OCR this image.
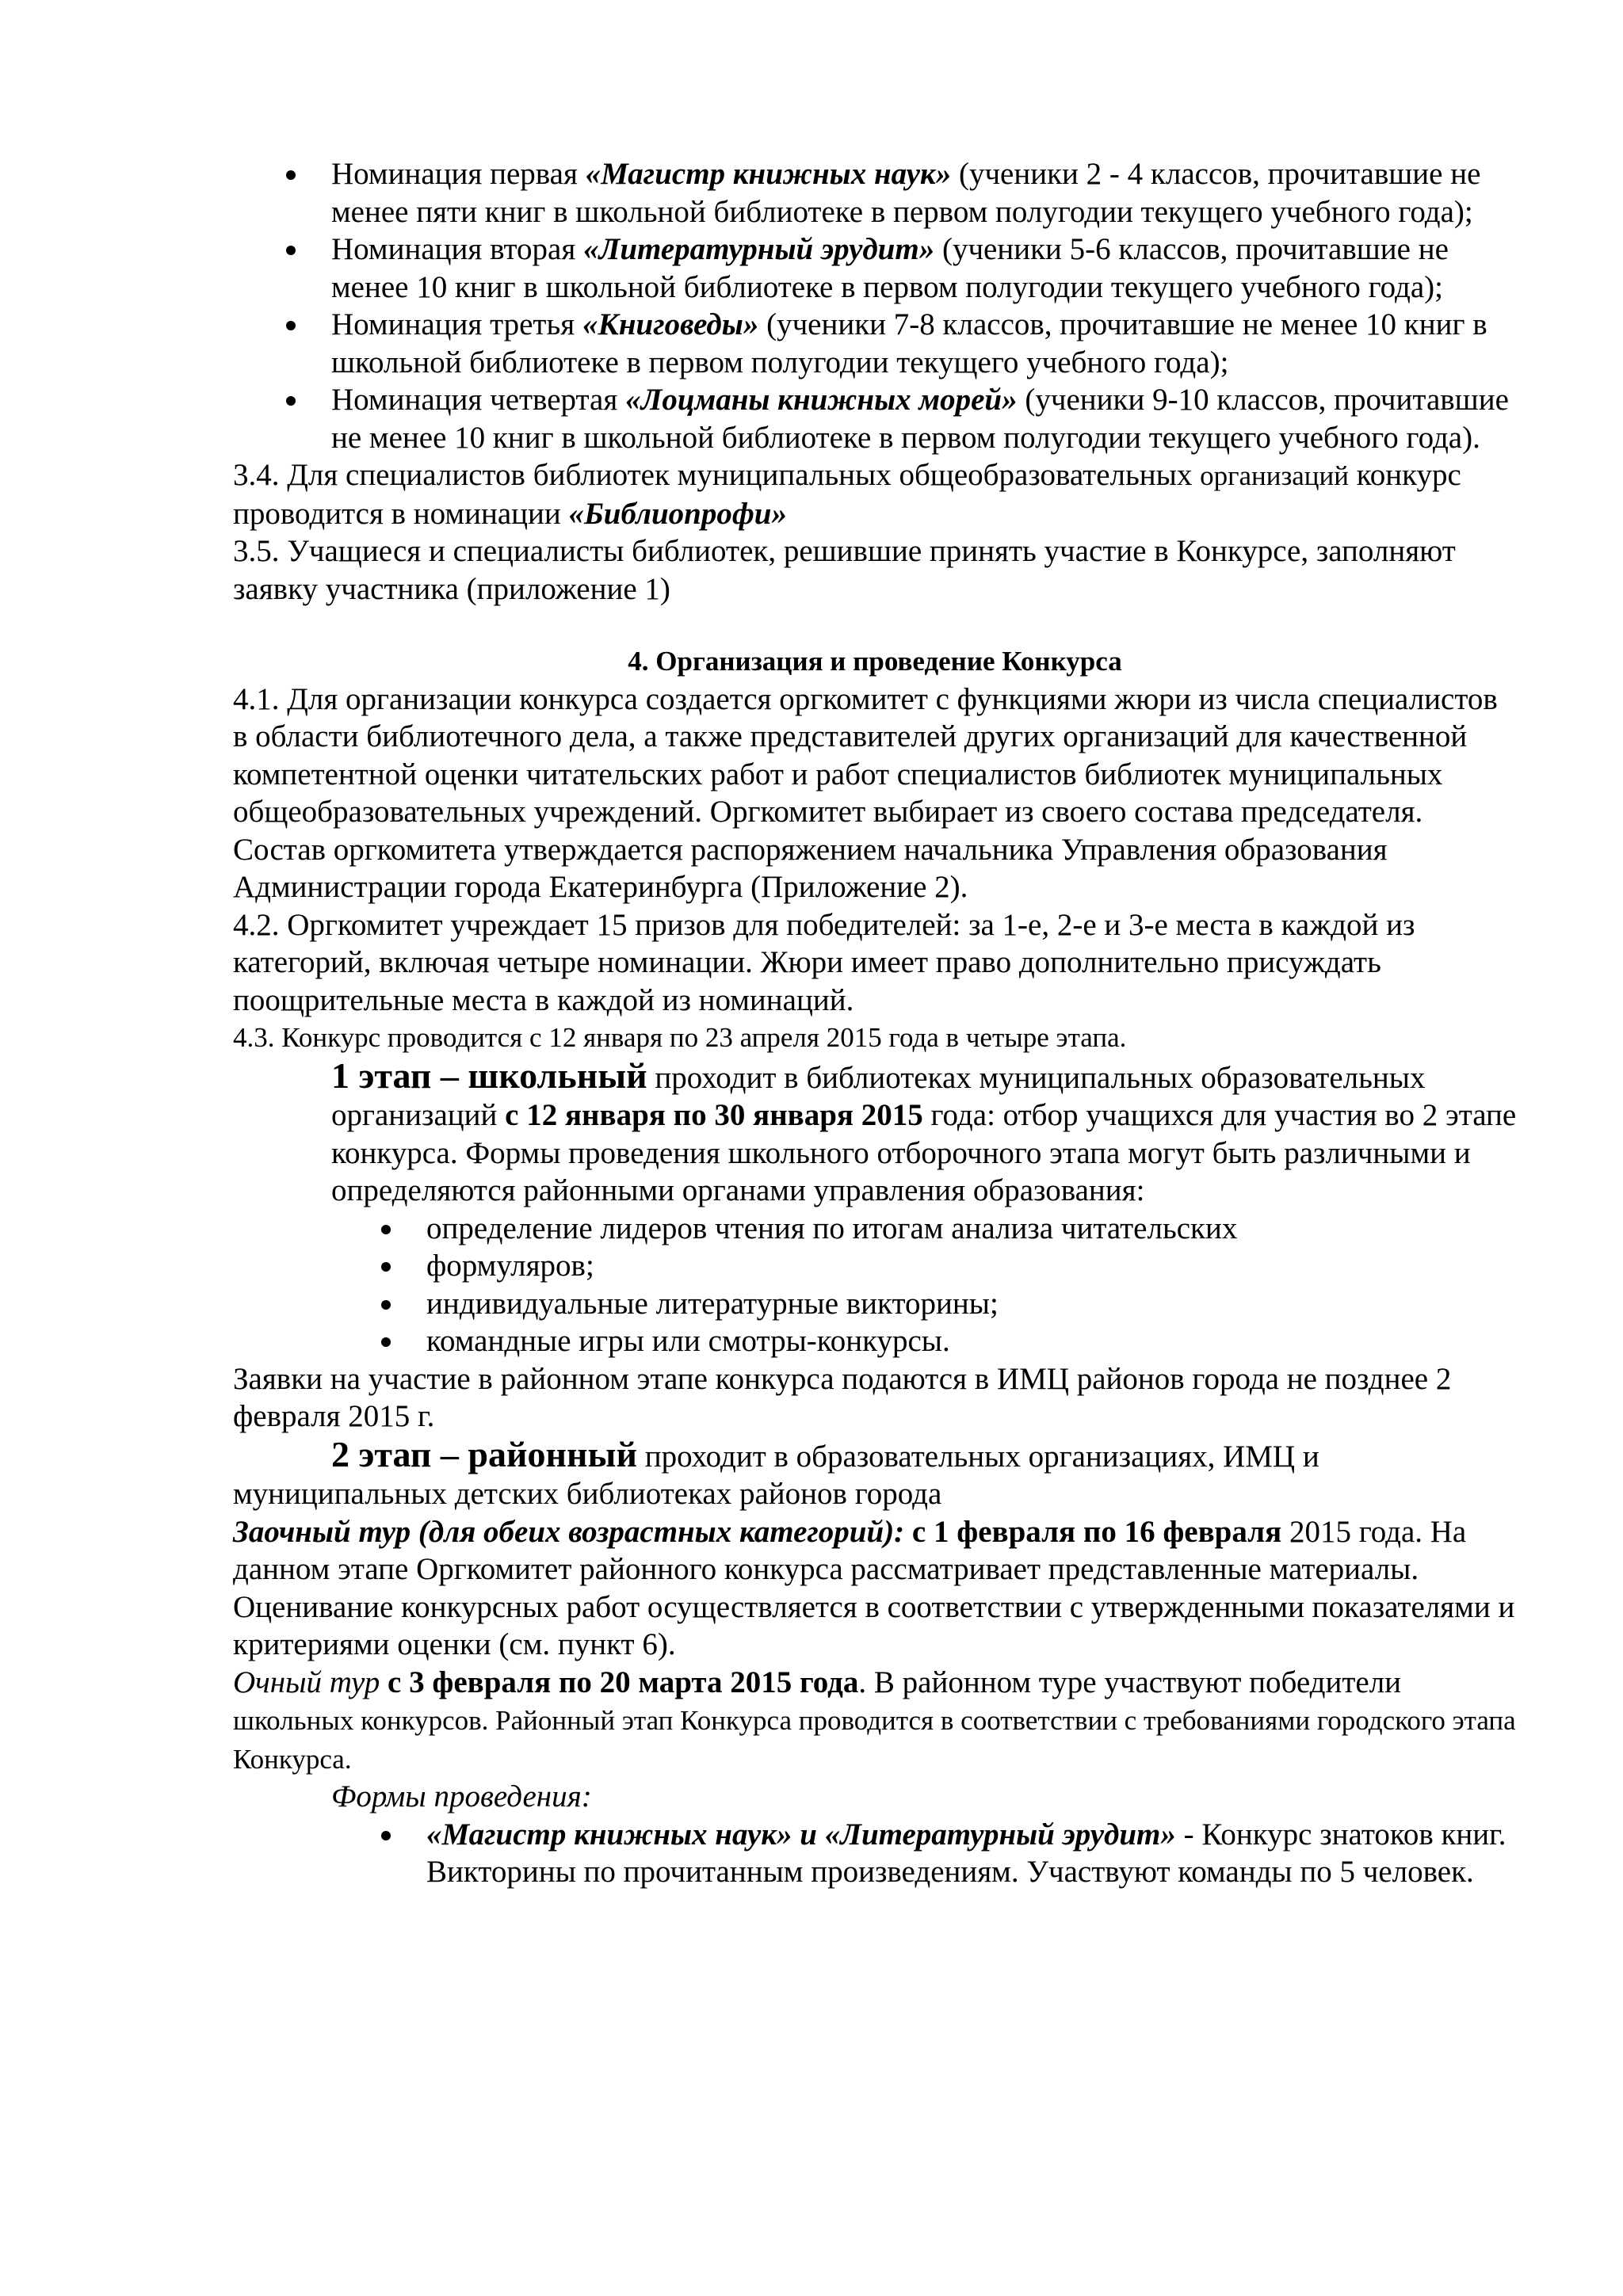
Номинация первая «Магистр книжных наук» (ученики 2 - 4 классов, прочитавшие не менее пяти книг в школьной библиотеке в первом полугодии текущего учебного года);

Номинация вторая «Литературный эрудит» (ученики 5-6 классов, прочитавшие не менее 10 книг в школьной библиотеке в первом полугодии текущего учебного года);

Номинация третья «Книговеды» (ученики 7-8 классов, прочитавшие не менее 10 книг в школьной библиотеке в первом полугодии текущего учебного года);

Номинация четвертая «Лоцманы книжных морей» (ученики 9-10 классов, прочитавшие не менее 10 книг в школьной библиотеке в первом полугодии текущего учебного года).

3.4. Для специалистов библиотек муниципальных общеобразовательных организаций конкурс проводится в номинации «Библиопрофи»

3.5. Учащиеся и специалисты библиотек, решившие принять участие в Конкурсе, заполняют заявку участника (приложение 1)

4. Организация и проведение Конкурса

4.1. Для организации конкурса создается оргкомитет с функциями жюри из числа специалистов в области библиотечного дела, а также представителей других организаций для качественной компетентной оценки читательских работ и работ специалистов библиотек муниципальных общеобразовательных учреждений. Оргкомитет выбирает из своего состава председателя. Состав оргкомитета утверждается распоряжением начальника Управления образования Администрации города Екатеринбурга (Приложение 2).

4.2. Оргкомитет учреждает 15 призов для победителей: за 1-е, 2-е и 3-е места в каждой из категорий, включая четыре номинации. Жюри имеет право дополнительно присуждать поощрительные места в каждой из номинаций.

4.3. Конкурс проводится с 12 января по 23 апреля 2015 года в четыре этапа.

1 этап – школьный проходит в библиотеках муниципальных образовательных организаций с 12 января по 30 января 2015 года: отбор учащихся для участия во 2 этапе конкурса. Формы проведения школьного отборочного этапа могут быть различными и определяются районными органами управления образования:

определение лидеров чтения по итогам анализа читательских

формуляров;

индивидуальные литературные викторины;

командные игры или смотры-конкурсы.

Заявки на участие в районном этапе конкурса подаются в ИМЦ районов города не позднее 2 февраля 2015 г.

2 этап – районный проходит в образовательных организациях, ИМЦ и муниципальных детских библиотеках районов города

Заочный тур (для обеих возрастных категорий): с 1 февраля по 16 февраля 2015 года. На данном этапе Оргкомитет районного конкурса рассматривает представленные материалы. Оценивание конкурсных работ осуществляется в соответствии с утвержденными показателями и критериями оценки (см. пункт 6).

Очный тур с 3 февраля по 20 марта 2015 года. В районном туре участвуют победители школьных конкурсов. Районный этап Конкурса проводится в соответствии с требованиями городского этапа Конкурса.

Формы проведения:

«Магистр книжных наук» и «Литературный эрудит» - Конкурс знатоков книг. Викторины по прочитанным произведениям. Участвуют команды по 5 человек.
